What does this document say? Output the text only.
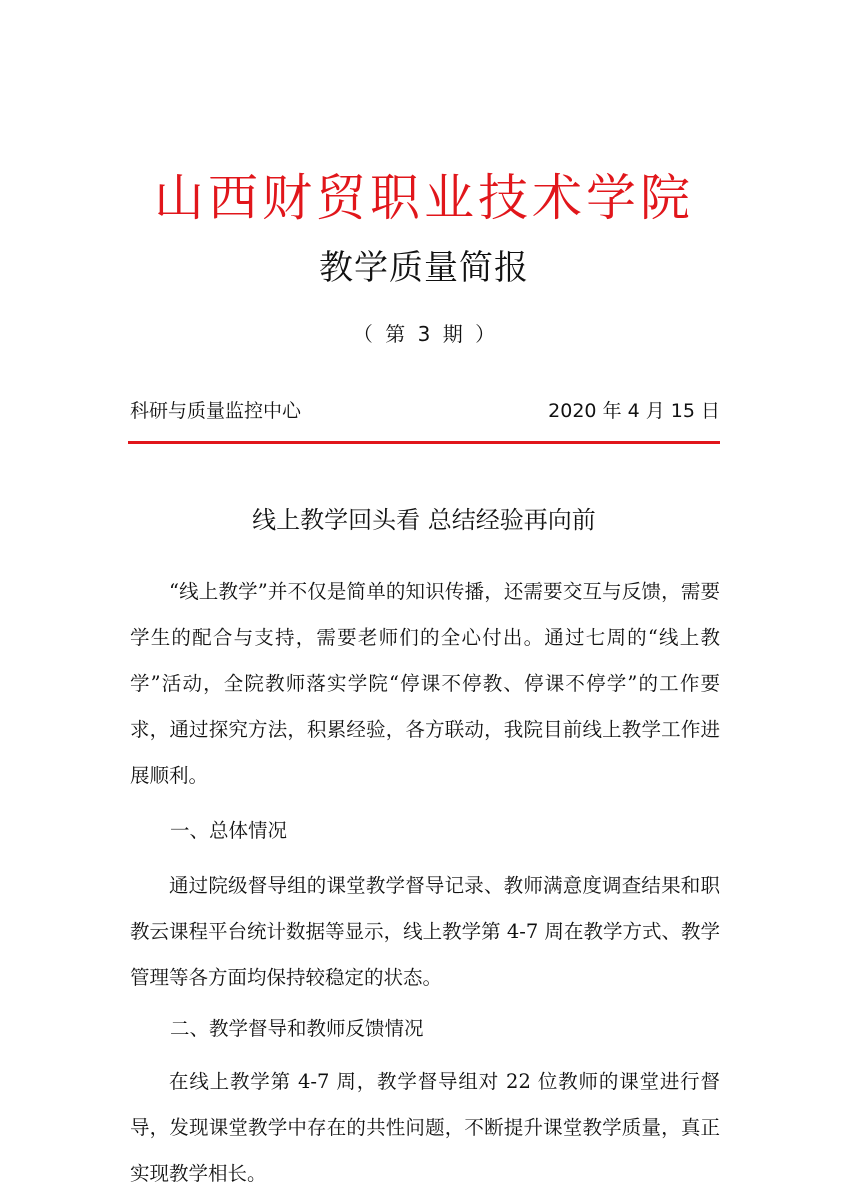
山西财贸职业技术学院
教学质量简报
（ 第 3 期 ）
科研与质量监控中心	2020 年 4 月 15 日
线上教学回头看 总结经验再向前

“线上教学”并不仅是简单的知识传播，还需要交互与反馈，需要学生的配合与支持，需要老师们的全心付出。通过七周的“线上教学”活动，全院教师落实学院“停课不停教、停课不停学”的工作要求，通过探究方法，积累经验，各方联动，我院目前线上教学工作进展顺利。

一、总体情况

通过院级督导组的课堂教学督导记录、教师满意度调查结果和职教云课程平台统计数据等显示，线上教学第 4-7 周在教学方式、教学管理等各方面均保持较稳定的状态。

二、教学督导和教师反馈情况

在线上教学第 4-7 周，教学督导组对 22 位教师的课堂进行督导，发现课堂教学中存在的共性问题，不断提升课堂教学质量，真正实现教学相长。
